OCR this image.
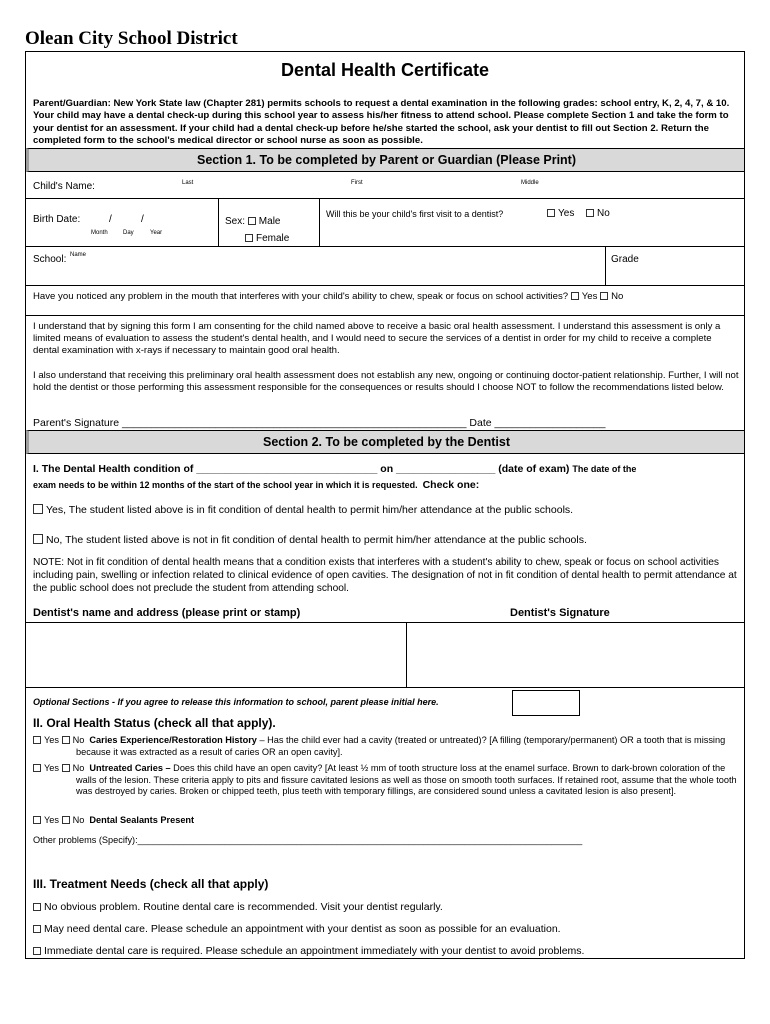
Olean City School District
Dental Health Certificate
Parent/Guardian: New York State law (Chapter 281) permits schools to request a dental examination in the following grades: school entry, K, 2, 4, 7, & 10. Your child may have a dental check-up during this school year to assess his/her fitness to attend school. Please complete Section 1 and take the form to your dentist for an assessment. If your child had a dental check-up before he/she started the school, ask your dentist to fill out Section 2. Return the completed form to the school's medical director or school nurse as soon as possible.
Section 1. To be completed by Parent or Guardian (Please Print)
Child's Name:	Last	First	Middle
Birth Date:	/	/
Month	Day	Year
Sex: Male
Female
Will this be your child's first visit to a dentist?	Yes	No
School: Name	Grade
Have you noticed any problem in the mouth that interferes with your child's ability to chew, speak or focus on school activities? Yes No
I understand that by signing this form I am consenting for the child named above to receive a basic oral health assessment. I understand this assessment is only a limited means of evaluation to assess the student's dental health, and I would need to secure the services of a dentist in order for my child to receive a complete dental examination with x-rays if necessary to maintain good oral health.
I also understand that receiving this preliminary oral health assessment does not establish any new, ongoing or continuing doctor-patient relationship. Further, I will not hold the dentist or those performing this assessment responsible for the consequences or results should I choose NOT to follow the recommendations listed below.
Parent's Signature ___________________________________________________________ Date ___________________
Section 2. To be completed by the Dentist
I. The Dental Health condition of _______________________________ on _________________ (date of exam) The date of the
exam needs to be within 12 months of the start of the school year in which it is requested. Check one:
Yes, The student listed above is in fit condition of dental health to permit him/her attendance at the public schools.
No, The student listed above is not in fit condition of dental health to permit him/her attendance at the public schools.
NOTE: Not in fit condition of dental health means that a condition exists that interferes with a student's ability to chew, speak or focus on school activities including pain, swelling or infection related to clinical evidence of open cavities. The designation of not in fit condition of dental health to permit attendance at the public school does not preclude the student from attending school.
Dentist's name and address (please print or stamp)	Dentist's Signature
Optional Sections - If you agree to release this information to school, parent please initial here.
II. Oral Health Status (check all that apply).
Yes No Caries Experience/Restoration History – Has the child ever had a cavity (treated or untreated)? [A filling (temporary/permanent) OR a tooth that is missing because it was extracted as a result of caries OR an open cavity].
Yes No Untreated Caries – Does this child have an open cavity? [At least ½ mm of tooth structure loss at the enamel surface. Brown to dark-brown coloration of the walls of the lesion. These criteria apply to pits and fissure cavitated lesions as well as those on smooth tooth surfaces. If retained root, assume that the whole tooth was destroyed by caries. Broken or chipped teeth, plus teeth with temporary fillings, are considered sound unless a cavitated lesion is also present].
Yes No Dental Sealants Present
Other problems (Specify):_______________________________________________________________________________________
III. Treatment Needs (check all that apply)
No obvious problem. Routine dental care is recommended. Visit your dentist regularly.
May need dental care. Please schedule an appointment with your dentist as soon as possible for an evaluation.
Immediate dental care is required. Please schedule an appointment immediately with your dentist to avoid problems.
